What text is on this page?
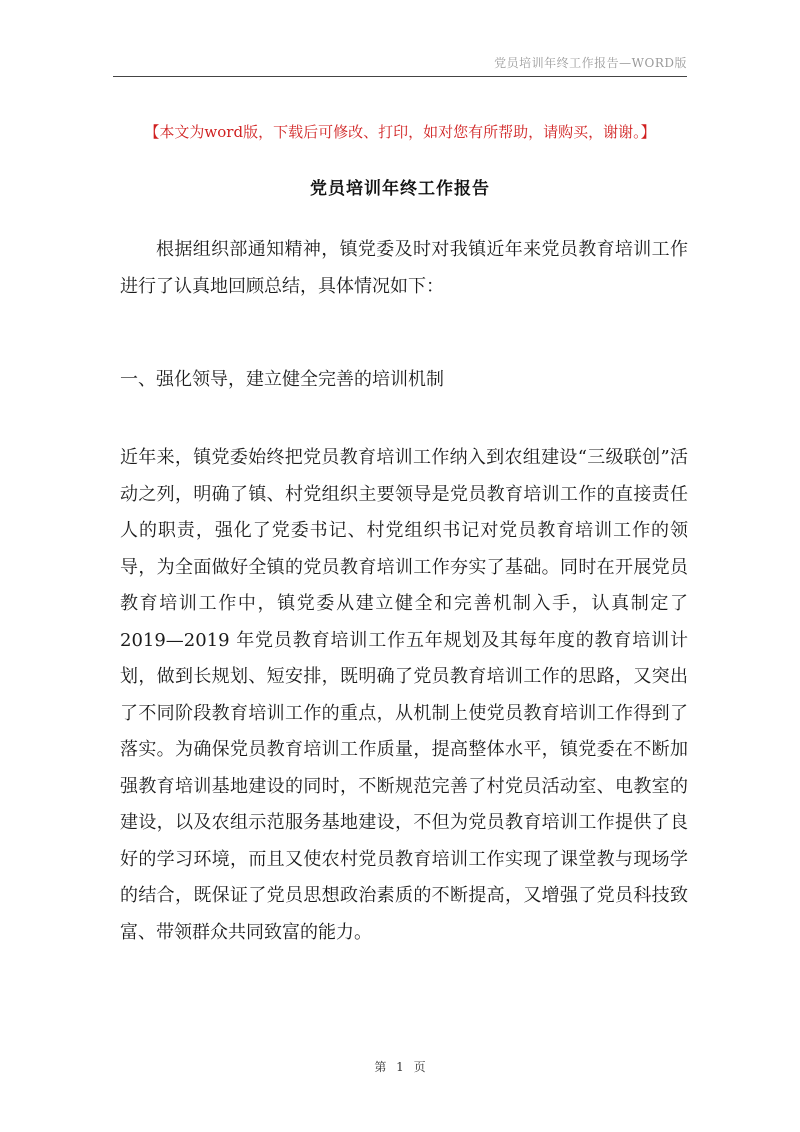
党员培训年终工作报告—WORD版
【本文为word版，下载后可修改、打印，如对您有所帮助，请购买，谢谢。】
党员培训年终工作报告

根据组织部通知精神，镇党委及时对我镇近年来党员教育培训工作进行了认真地回顾总结，具体情况如下：

一、强化领导，建立健全完善的培训机制

近年来，镇党委始终把党员教育培训工作纳入到农组建设“三级联创”活动之列，明确了镇、村党组织主要领导是党员教育培训工作的直接责任人的职责，强化了党委书记、村党组织书记对党员教育培训工作的领导，为全面做好全镇的党员教育培训工作夯实了基础。同时在开展党员教育培训工作中，镇党委从建立健全和完善机制入手，认真制定了 2019—2019 年党员教育培训工作五年规划及其每年度的教育培训计划，做到长规划、短安排，既明确了党员教育培训工作的思路，又突出了不同阶段教育培训工作的重点，从机制上使党员教育培训工作得到了落实。为确保党员教育培训工作质量，提高整体水平，镇党委在不断加强教育培训基地建设的同时，不断规范完善了村党员活动室、电教室的建设，以及农组示范服务基地建设，不但为党员教育培训工作提供了良好的学习环境，而且又使农村党员教育培训工作实现了课堂教与现场学的结合，既保证了党员思想政治素质的不断提高，又增强了党员科技致富、带领群众共同致富的能力。

第 1 页
